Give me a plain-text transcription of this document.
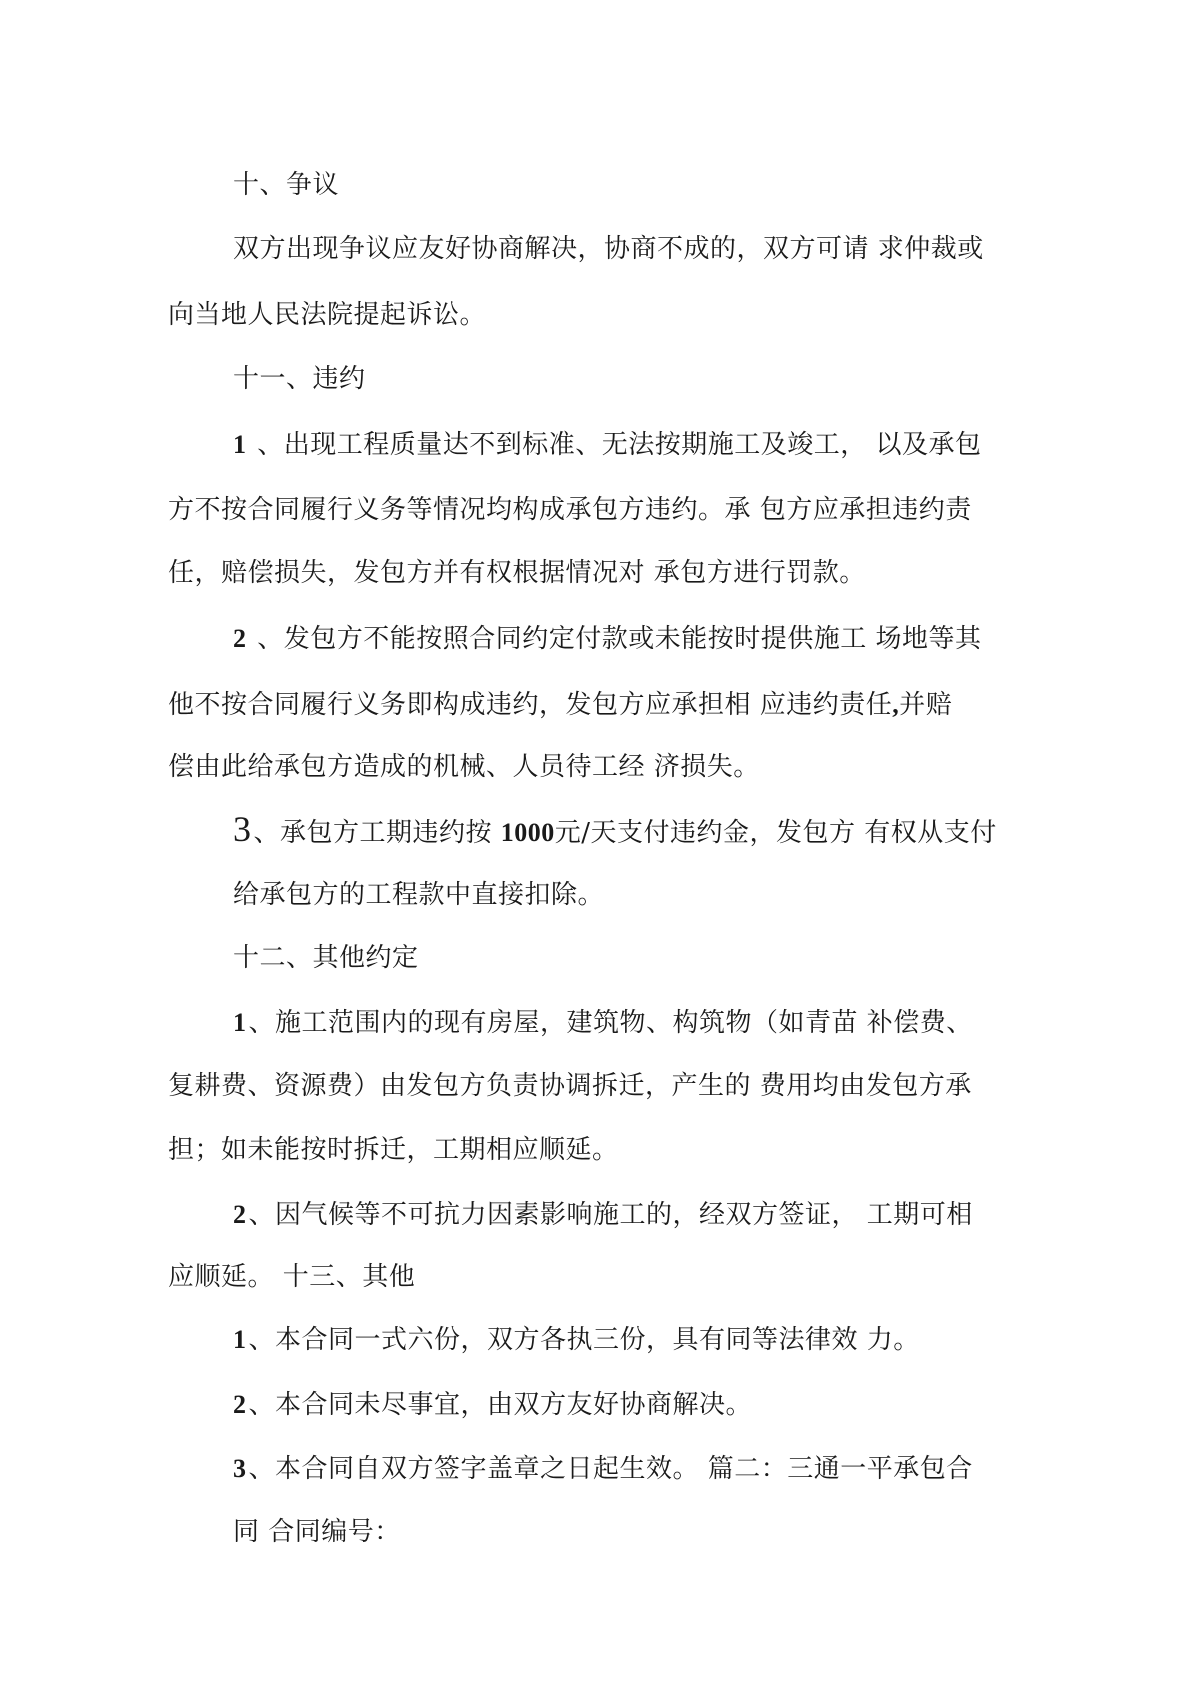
十、争议
双方出现争议应友好协商解决，协商不成的，双方可请 求仲裁或
向当地人民法院提起诉讼。
十一、违约
1 、出现工程质量达不到标准、无法按期施工及竣工， 以及承包
方不按合同履行义务等情况均构成承包方违约。承 包方应承担违约责
任，赔偿损失，发包方并有权根据情况对 承包方进行罚款。
2 、发包方不能按照合同约定付款或未能按时提供施工 场地等其
他不按合同履行义务即构成违约，发包方应承担相 应违约责任,并赔
偿由此给承包方造成的机械、人员待工经 济损失。
3、承包方工期违约按 1000元/天支付违约金，发包方 有权从支付
给承包方的工程款中直接扣除。
十二、其他约定
1、施工范围内的现有房屋，建筑物、构筑物（如青苗 补偿费、
复耕费、资源费）由发包方负责协调拆迁，产生的 费用均由发包方承
担；如未能按时拆迁，工期相应顺延。
2、因气候等不可抗力因素影响施工的，经双方签证， 工期可相
应顺延。 十三、其他
1、本合同一式六份，双方各执三份，具有同等法律效 力。
2、本合同未尽事宜，由双方友好协商解决。
3、本合同自双方签字盖章之日起生效。 篇二：三通一平承包合
同 合同编号：
